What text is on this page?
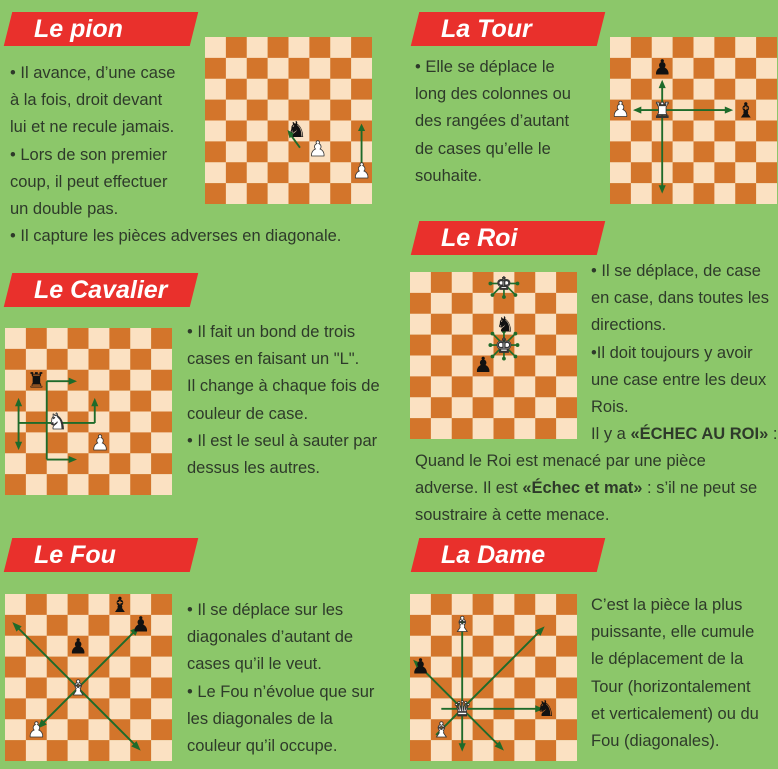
Le pion

• Il avance, d’une case

à la fois, droit devant

lui et ne recule jamais.

• Lors de son premier

coup, il peut effectuer

un double pas.

• Il capture les pièces adverses en diagonale.

♟
♟
♞
La Tour

• Elle se déplace le

long des colonnes ou

des rangées d’autant

de cases qu’elle le

souhaite.

♟
♟	♜	♝
Le Cavalier
♜
♞
♟

• Il fait un bond de trois

cases en faisant un "L".

Il change à chaque fois de

couleur de case.

• Il est le seul à sauter par

dessus les autres.

Le Roi
♞
♟

• Il se déplace, de case

en case, dans toutes les

directions.

•Il doit toujours y avoir

une case entre les deux

Rois.

Il y a «ÉCHEC AU ROI» :

Quand le Roi est menacé par une pièce

adverse. Il est «Échec et mat» : s’il ne peut se

soustraire à cette menace.

Le Fou
♝
♟
♟
♝
♟

• Il se déplace sur les

diagonales d’autant de

cases qu’il le veut.

• Le Fou n’évolue que sur

les diagonales de la

couleur qu’il occupe.

La Dame
♝
♟
♛	♞
♝

C’est la pièce la plus

puissante, elle cumule

le déplacement de la

Tour (horizontalement

et verticalement) ou du

Fou (diagonales).
